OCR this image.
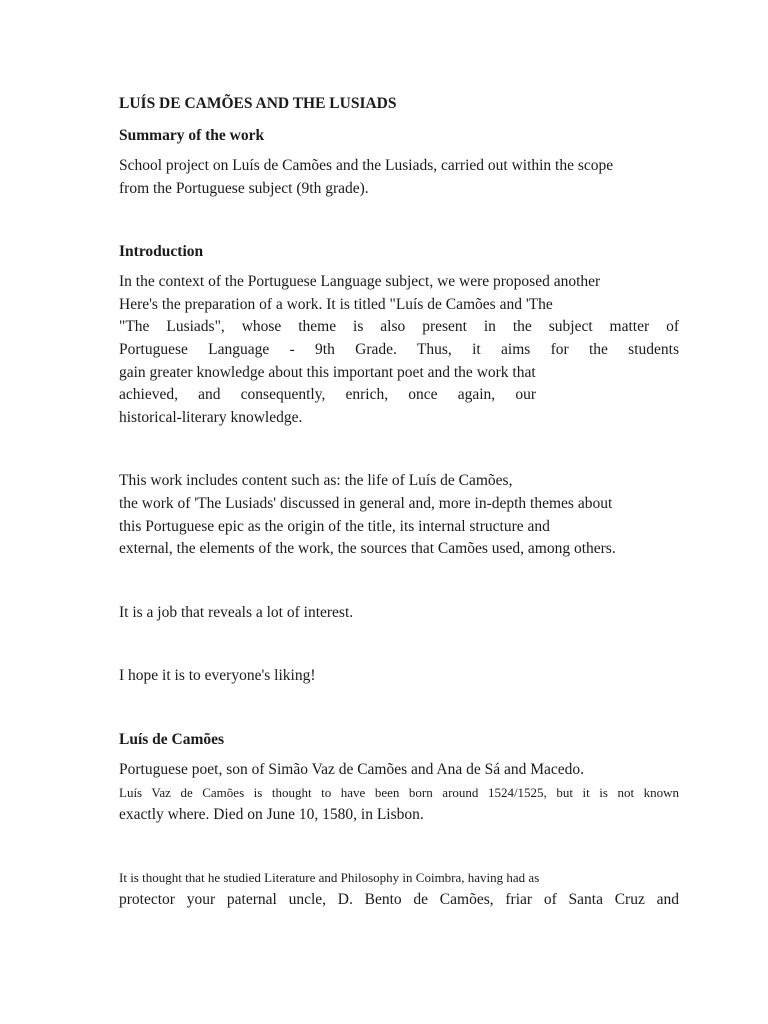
LUÍS DE CAMÕES AND THE LUSIADS
Summary of the work
School project on Luís de Camões and the Lusiads, carried out within the scope
from the Portuguese subject (9th grade).
Introduction
In the context of the Portuguese Language subject, we were proposed another
Here's the preparation of a work. It is titled "Luís de Camões and 'The
"The Lusiads", whose theme is also present in the subject matter of
Portuguese Language - 9th Grade. Thus, it aims for the students
gain greater knowledge about this important poet and the work that
achieved, and consequently, enrich, once again, our
historical-literary knowledge.
This work includes content such as: the life of Luís de Camões,
the work of 'The Lusiads' discussed in general and, more in-depth themes about
this Portuguese epic as the origin of the title, its internal structure and
external, the elements of the work, the sources that Camões used, among others.
It is a job that reveals a lot of interest.
I hope it is to everyone's liking!
Luís de Camões
Portuguese poet, son of Simão Vaz de Camões and Ana de Sá and Macedo.
Luís Vaz de Camões is thought to have been born around 1524/1525, but it is not known
exactly where. Died on June 10, 1580, in Lisbon.
It is thought that he studied Literature and Philosophy in Coimbra, having had as
protector your paternal uncle, D. Bento de Camões, friar of Santa Cruz and
